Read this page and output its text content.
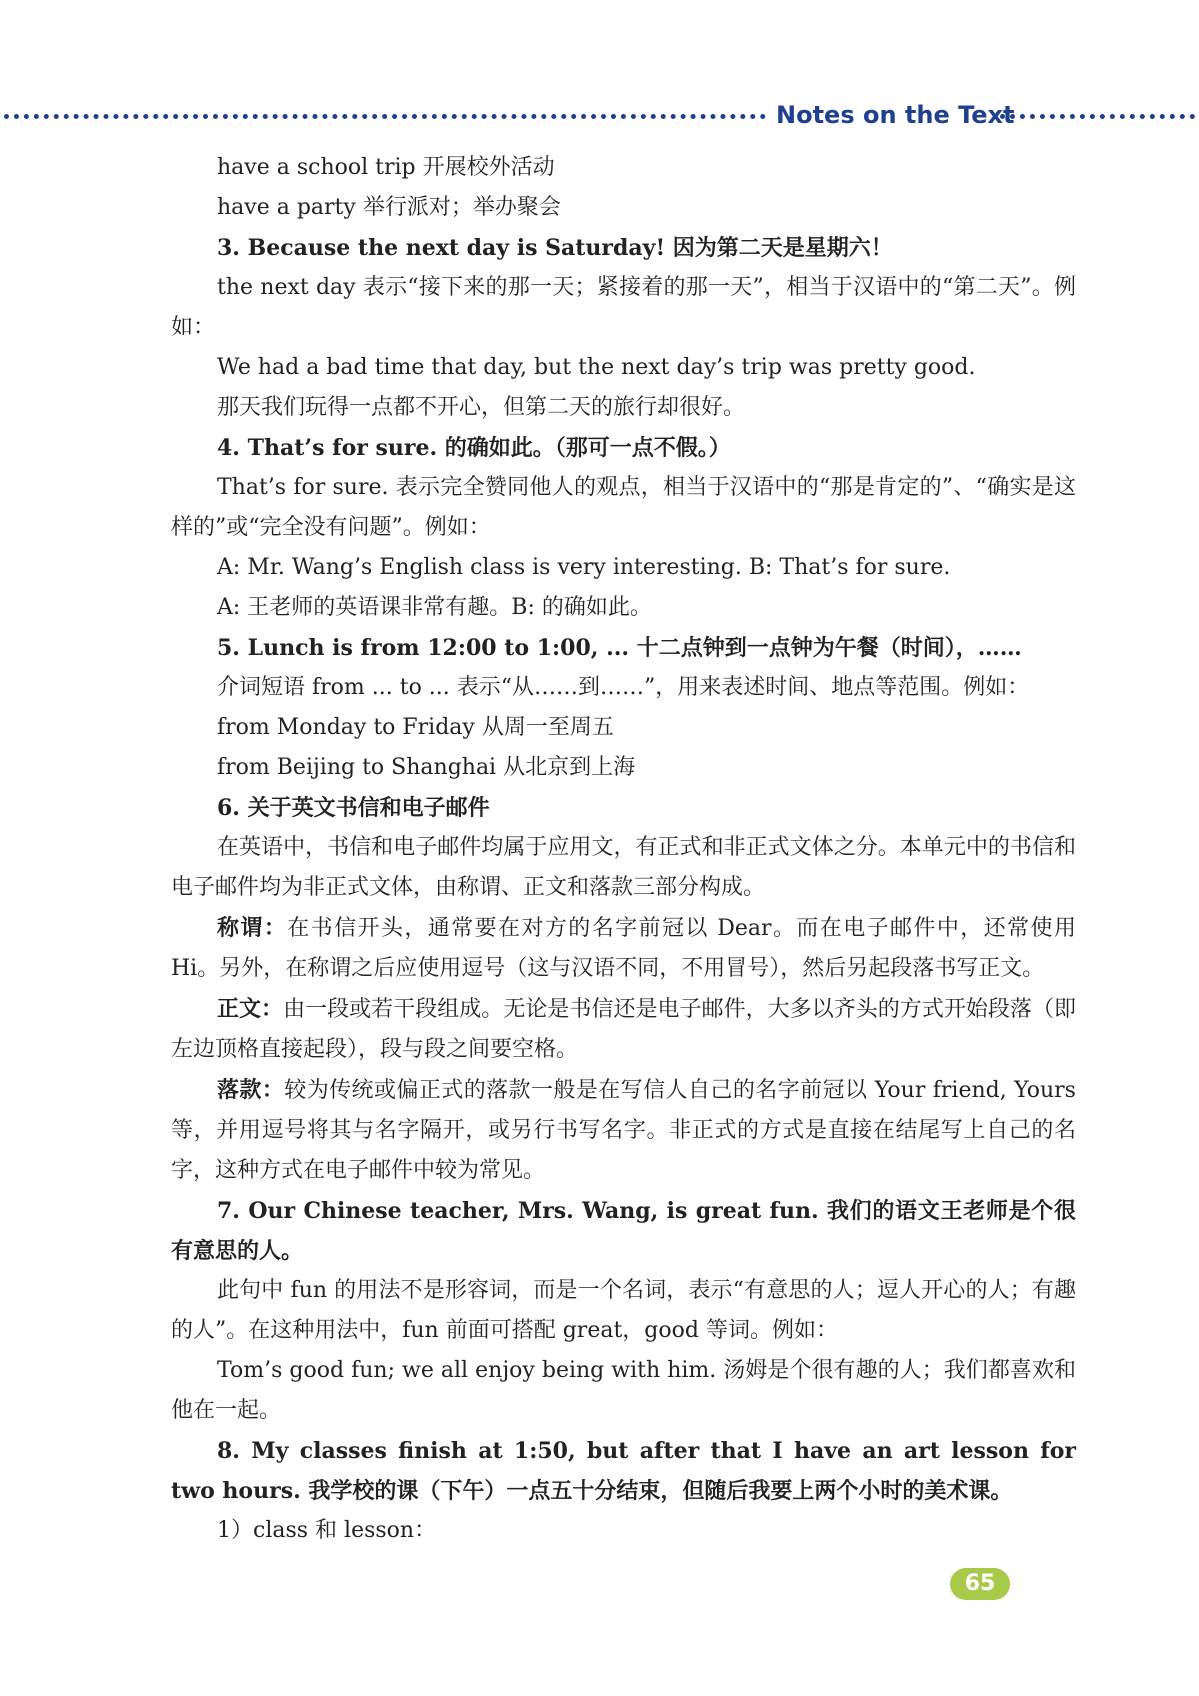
Notes on the Text

have a school trip 开展校外活动

have a party 举行派对；举办聚会

3. Because the next day is Saturday! 因为第二天是星期六！

the next day 表示“接下来的那一天；紧接着的那一天”，相当于汉语中的“第二天”。例如：

We had a bad time that day, but the next day’s trip was pretty good.

那天我们玩得一点都不开心，但第二天的旅行却很好。

4. That’s for sure. 的确如此。（那可一点不假。）

That’s for sure. 表示完全赞同他人的观点，相当于汉语中的“那是肯定的”、“确实是这样的”或“完全没有问题”。例如：

A: Mr. Wang’s English class is very interesting. B: That’s for sure.

A: 王老师的英语课非常有趣。B: 的确如此。

5. Lunch is from 12:00 to 1:00, ... 十二点钟到一点钟为午餐（时间），……

介词短语 from ... to ... 表示“从……到……”，用来表述时间、地点等范围。例如：

from Monday to Friday 从周一至周五

from Beijing to Shanghai 从北京到上海

6. 关于英文书信和电子邮件

在英语中，书信和电子邮件均属于应用文，有正式和非正式文体之分。本单元中的书信和电子邮件均为非正式文体，由称谓、正文和落款三部分构成。

称谓：在书信开头，通常要在对方的名字前冠以 Dear。而在电子邮件中，还常使用 Hi。另外，在称谓之后应使用逗号（这与汉语不同，不用冒号），然后另起段落书写正文。

正文：由一段或若干段组成。无论是书信还是电子邮件，大多以齐头的方式开始段落（即左边顶格直接起段），段与段之间要空格。

落款：较为传统或偏正式的落款一般是在写信人自己的名字前冠以 Your friend, Yours 等，并用逗号将其与名字隔开，或另行书写名字。非正式的方式是直接在结尾写上自己的名字，这种方式在电子邮件中较为常见。

7. Our Chinese teacher, Mrs. Wang, is great fun. 我们的语文王老师是个很有意思的人。

此句中 fun 的用法不是形容词，而是一个名词，表示“有意思的人；逗人开心的人；有趣的人”。在这种用法中，fun 前面可搭配 great，good 等词。例如：

Tom’s good fun; we all enjoy being with him. 汤姆是个很有趣的人；我们都喜欢和他在一起。

8. My classes finish at 1:50, but after that I have an art lesson for two hours. 我学校的课（下午）一点五十分结束，但随后我要上两个小时的美术课。

1）class 和 lesson：

65
